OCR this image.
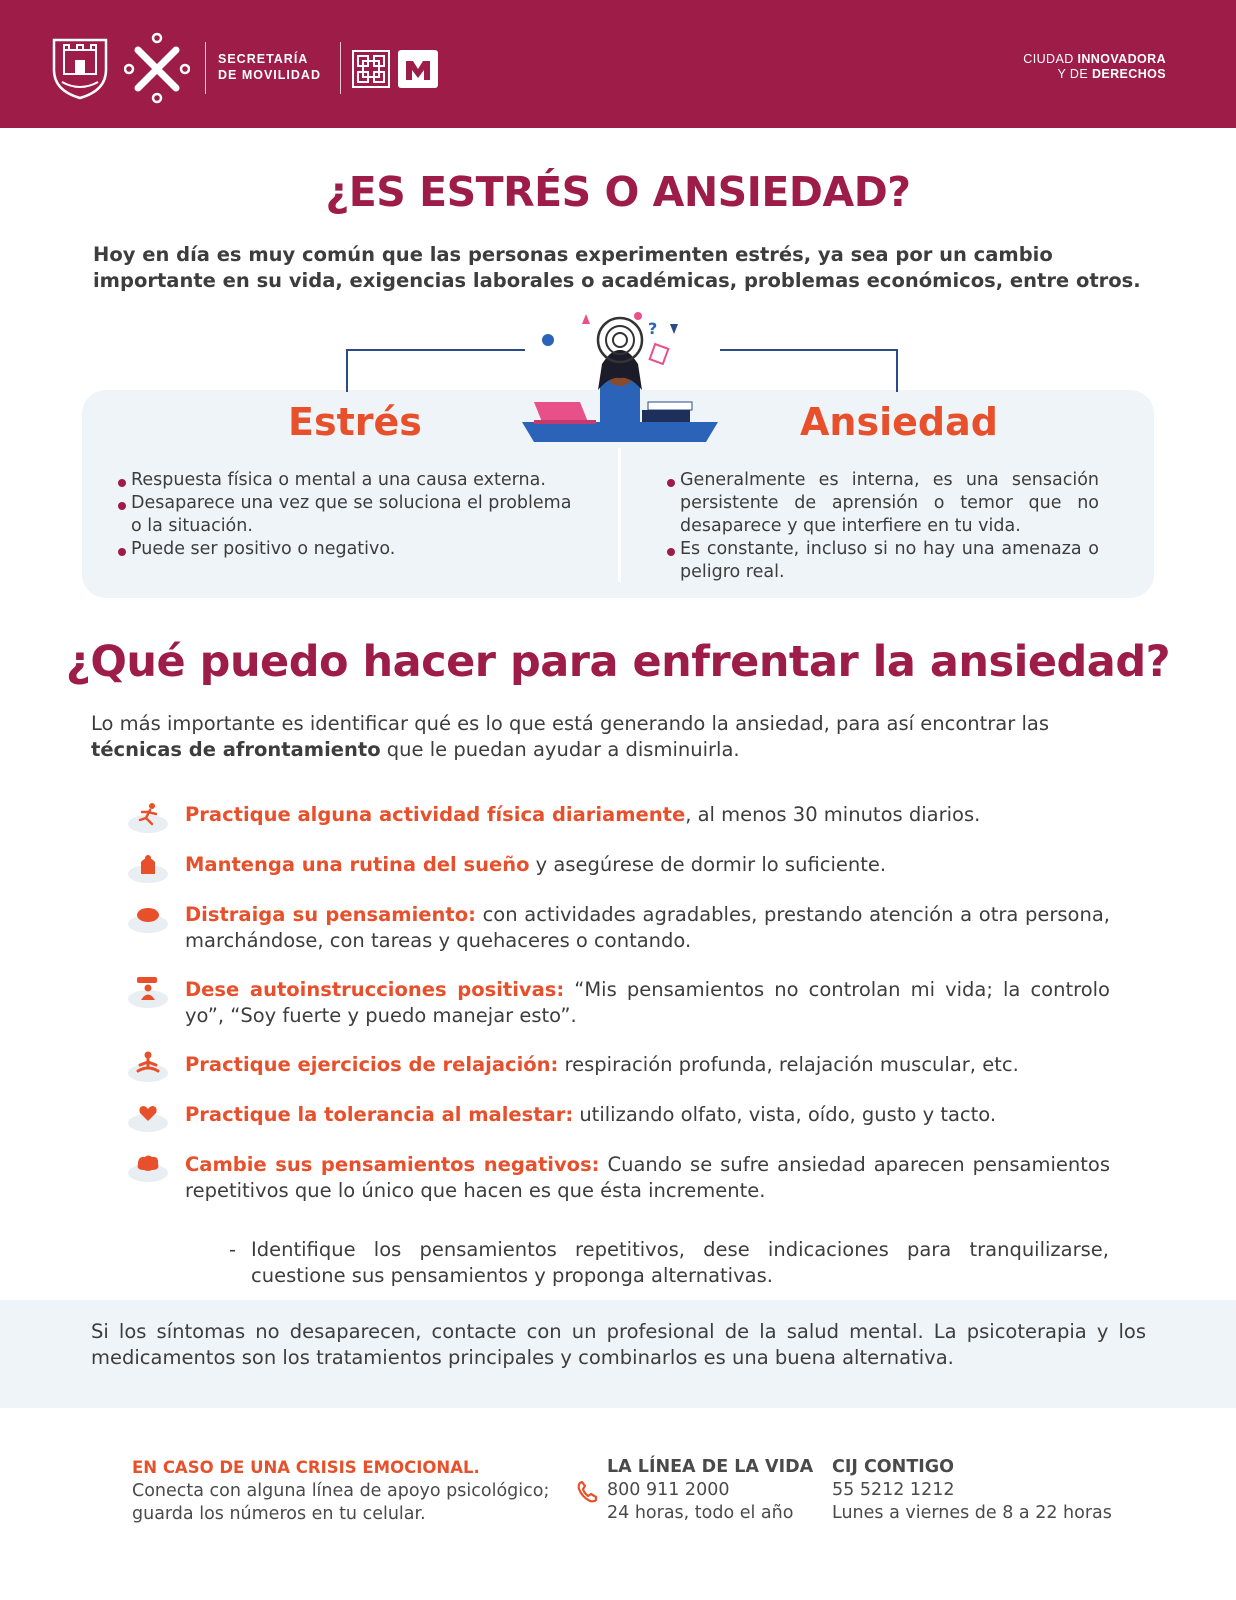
SECRETARÍA
DE MOVILIDAD
CIUDAD INNOVADORA
Y DE DERECHOS
¿ES ESTRÉS O ANSIEDAD?

Hoy en día es muy común que las personas experimenten estrés, ya sea por un cambio importante en su vida, exigencias laborales o académicas, problemas económicos, entre otros.

?
Estrés	Ansiedad
Respuesta física o mental a una causa externa.
Desaparece una vez que se soluciona el problema o la situación.
Puede ser positivo o negativo.
Generalmente es interna, es una sensación persistente de aprensión o temor que no desaparece y que interfiere en tu vida.
Es constante, incluso si no hay una amenaza o peligro real.
¿Qué puedo hacer para enfrentar la ansiedad?

Lo más importante es identificar qué es lo que está generando la ansiedad, para así encontrar las técnicas de afrontamiento que le puedan ayudar a disminuirla.

Practique alguna actividad física diariamente, al menos 30 minutos diarios.

Mantenga una rutina del sueño y asegúrese de dormir lo suficiente.

Distraiga su pensamiento: con actividades agradables, prestando atención a otra persona, marchándose, con tareas y quehaceres o contando.

Dese autoinstrucciones positivas: “Mis pensamientos no controlan mi vida; la controlo yo”, “Soy fuerte y puedo manejar esto”.

Practique ejercicios de relajación: respiración profunda, relajación muscular, etc.

Practique la tolerancia al malestar: utilizando olfato, vista, oído, gusto y tacto.

Cambie sus pensamientos negativos: Cuando se sufre ansiedad aparecen pensamientos repetitivos que lo único que hacen es que ésta incremente.

- Identifique los pensamientos repetitivos, dese indicaciones para tranquilizarse, cuestione sus pensamientos y proponga alternativas.

Si los síntomas no desaparecen, contacte con un profesional de la salud mental. La psicoterapia y los medicamentos son los tratamientos principales y combinarlos es una buena alternativa.

EN CASO DE UNA CRISIS EMOCIONAL.
Conecta con alguna línea de apoyo psicológico; guarda los números en tu celular.
LA LÍNEA DE LA VIDA
800 911 2000
24 horas, todo el año
CIJ CONTIGO
55 5212 1212
Lunes a viernes de 8 a 22 horas
